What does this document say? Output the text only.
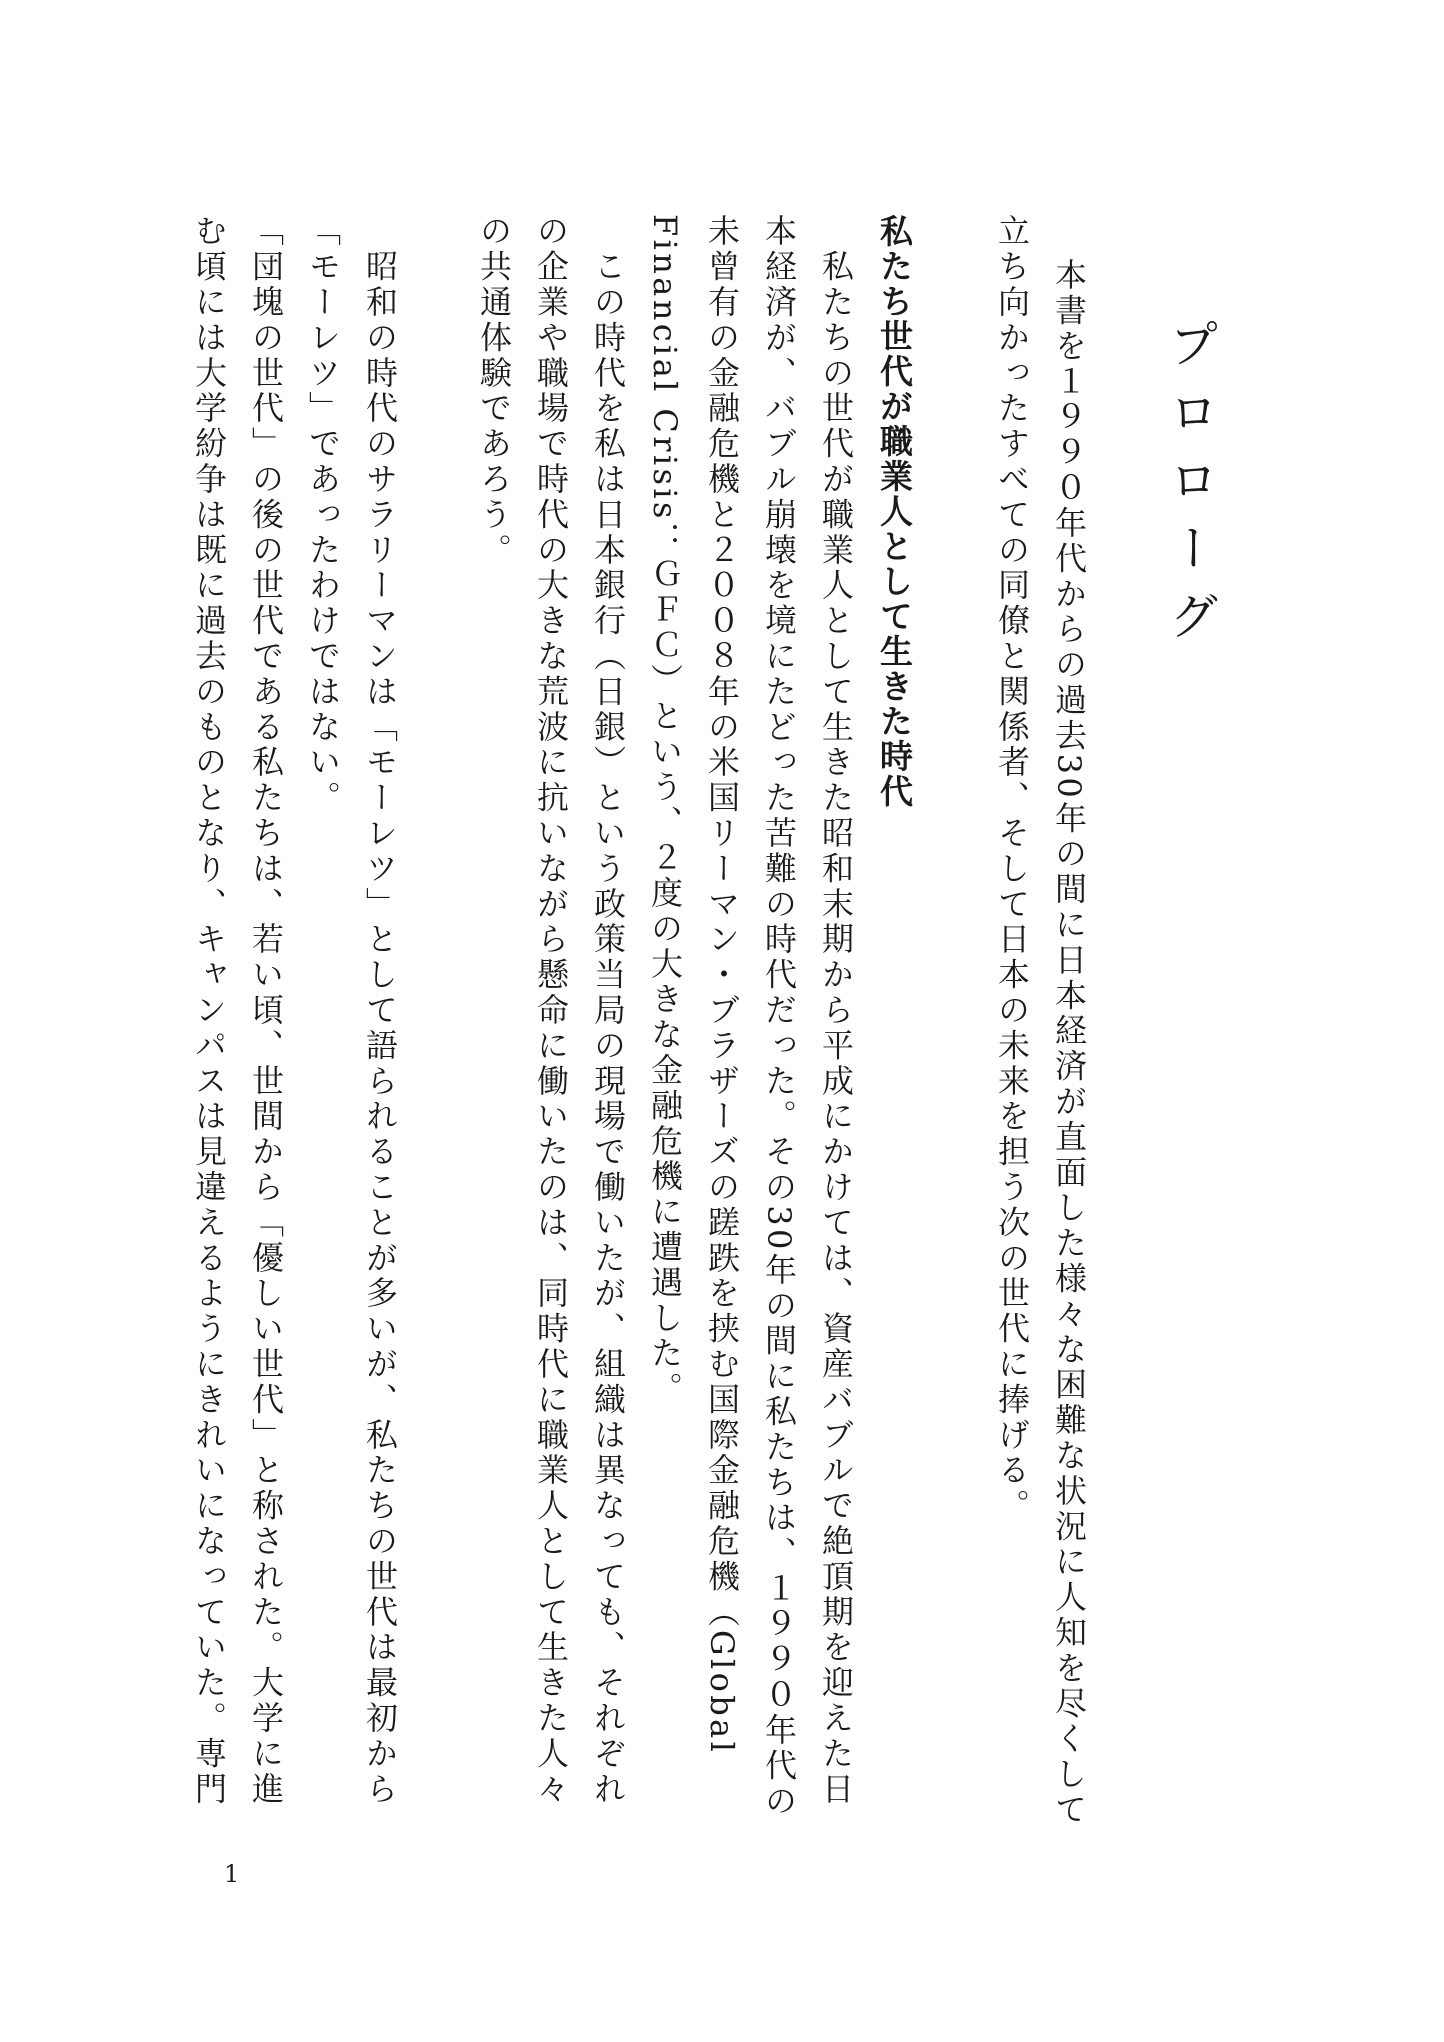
プロローグ

本書を１９９０年代からの過去30年の間に日本経済が直面した様々な困難な状況に人知を尽くして

立ち向かったすべての同僚と関係者、そして日本の未来を担う次の世代に捧げる。

私たち世代が職業人として生きた時代

　私たちの世代が職業人として生きた昭和末期から平成にかけては、資産バブルで絶頂期を迎えた日

本経済が、バブル崩壊を境にたどった苦難の時代だった。その30年の間に私たちは、１９９０年代の

未曾有の金融危機と２００８年の米国リーマン・ブラザーズの蹉跌を挟む国際金融危機（Global

Financial Crisis：ＧＦＣ）という、２度の大きな金融危機に遭遇した。

　この時代を私は日本銀行（日銀）という政策当局の現場で働いたが、組織は異なっても、それぞれ

の企業や職場で時代の大きな荒波に抗いながら懸命に働いたのは、同時代に職業人として生きた人々

の共通体験であろう。

　昭和の時代のサラリーマンは「モーレツ」として語られることが多いが、私たちの世代は最初から

「モーレツ」であったわけではない。

「団塊の世代」の後の世代である私たちは、若い頃、世間から「優しい世代」と称された。大学に進

む頃には大学紛争は既に過去のものとなり、キャンパスは見違えるようにきれいになっていた。専門

1
